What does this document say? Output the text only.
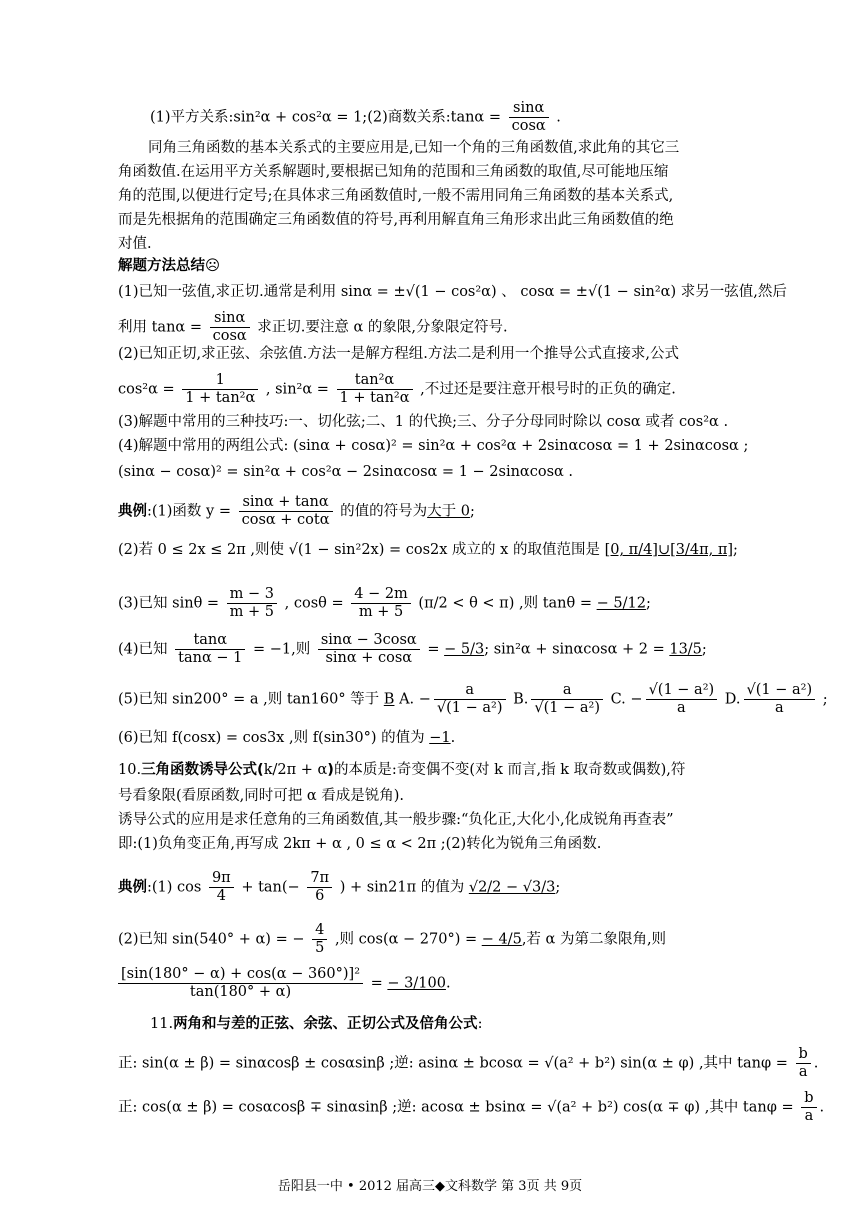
(1)平方关系:sin²α + cos²α = 1;(2)商数关系:tanα = $\frac{\sin\alpha}{\cos\alpha}$ .
同角三角函数的基本关系式的主要应用是,已知一个角的三角函数值,求此角的其它三
角函数值.在运用平方关系解题时,要根据已知角的范围和三角函数的取值,尽可能地压缩
角的范围,以便进行定号;在具体求三角函数值时,一般不需用同角三角函数的基本关系式,
而是先根据角的范围确定三角函数值的符号,再利用解直角三角形求出此三角函数值的绝
对值.
解题方法总结☹
(1)已知一弦值,求正切.通常是利用 sinα = ±√(1 − cos²α) 、 cosα = ±√(1 − sin²α) 求另一弦值,然后
利用 $\tan\alpha = \frac{\sin\alpha}{\cos\alpha}$ 求正切.要注意 α 的象限,分象限定符号.
(2)已知正切,求正弦、余弦值.方法一是解方程组.方法二是利用一个推导公式直接求,公式
$\cos^2\alpha = \frac{1}{\text{1 + tan²α}}$ , $\sin^2\alpha = \frac{\text{tan²α}}{\text{1 + tan²α}}$ ,不过还是要注意开根号时的正负的确定.
(3)解题中常用的三种技巧:一、切化弦;二、1 的代换;三、分子分母同时除以 cosα 或者 cos²α .
(4)解题中常用的两组公式: (sinα + cosα)² = sin²α + cos²α + 2sinαcosα = 1 + 2sinαcosα ;
(sinα − cosα)² = sin²α + cos²α − 2sinαcosα = 1 − 2sinαcosα .
典例:(1)函数 $y = \frac{\sin\alpha + \tan\alpha}{\cos\alpha + \cot\alpha}$ 的值的符号为大于 0;
(2)若 0 ≤ 2x ≤ 2π ,则使 √(1 − sin²2x) = cos2x 成立的 x 的取值范围是 [0, π/4]∪[3/4π, π];
(3)已知 $\sin\theta = \frac{m - 3}{m + 5}$ , $\cos\theta = \frac{4 - 2m}{m + 5} (\pi/2 < \theta < \pi)$ ,则 tanθ = − 5/12;
(4)已知 $\frac{\tan\alpha}{\tan\alpha - 1} = -1$,则 $\frac{\sin\alpha - 3\cos\alpha}{\sin\alpha + \cos\alpha}$ = − 5/3; sin²α + sinαcosα + 2 = 13/5;
(5)已知 sin200° = a ,则 tan160° 等于 B A. − $\frac{a}{\text{√(1 − a²)}} B$. $\frac{a}{\text{√(1 − a²)}} C$. − $\frac{\text{√(1 − a²)}}{a} D$. $\frac{\text{√(1 − a²)}}{a}$ ;
(6)已知 f(cosx) = cos3x ,则 f(sin30°) 的值为 −1.
10.三角函数诱导公式(k/2π + α)的本质是:奇变偶不变(对 k 而言,指 k 取奇数或偶数),符
号看象限(看原函数,同时可把 α 看成是锐角).
诱导公式的应用是求任意角的三角函数值,其一般步骤:“负化正,大化小,化成锐角再查表”
即:(1)负角变正角,再写成 2kπ + α , 0 ≤ α < 2π ;(2)转化为锐角三角函数.
典例:(1) $\cos \frac{9\pi}{4} + \tan(- \frac{7\pi}{6}$ ) + sin21π 的值为 √2/2 − √3/3;
(2)已知 sin(540° + α) = − $\frac{4}{5}$ ,则 cos(α − 270°) = − 4/5,若 α 为第二象限角,则
$\frac{\text{[sin(180° − α) + cos(α − 360°)]²}}{\tan(180^\circ + \alpha)}$ = − 3/100.
11.两角和与差的正弦、余弦、正切公式及倍角公式:
正: sin(α ± β) = sinαcosβ ± cosαsinβ ;逆: asinα ± bcosα = √(a² + b²) sin(α ± φ) ,其中 $\tan\varphi = \frac{b}{a}$ .
正: cos(α ± β) = cosαcosβ ∓ sinαsinβ ;逆: acosα ± bsinα = √(a² + b²) cos(α ∓ φ) ,其中 $\tan\varphi = \frac{b}{a}$ .
岳阳县一中 • 2012 届高三◆文科数学 第 3页 共 9页
